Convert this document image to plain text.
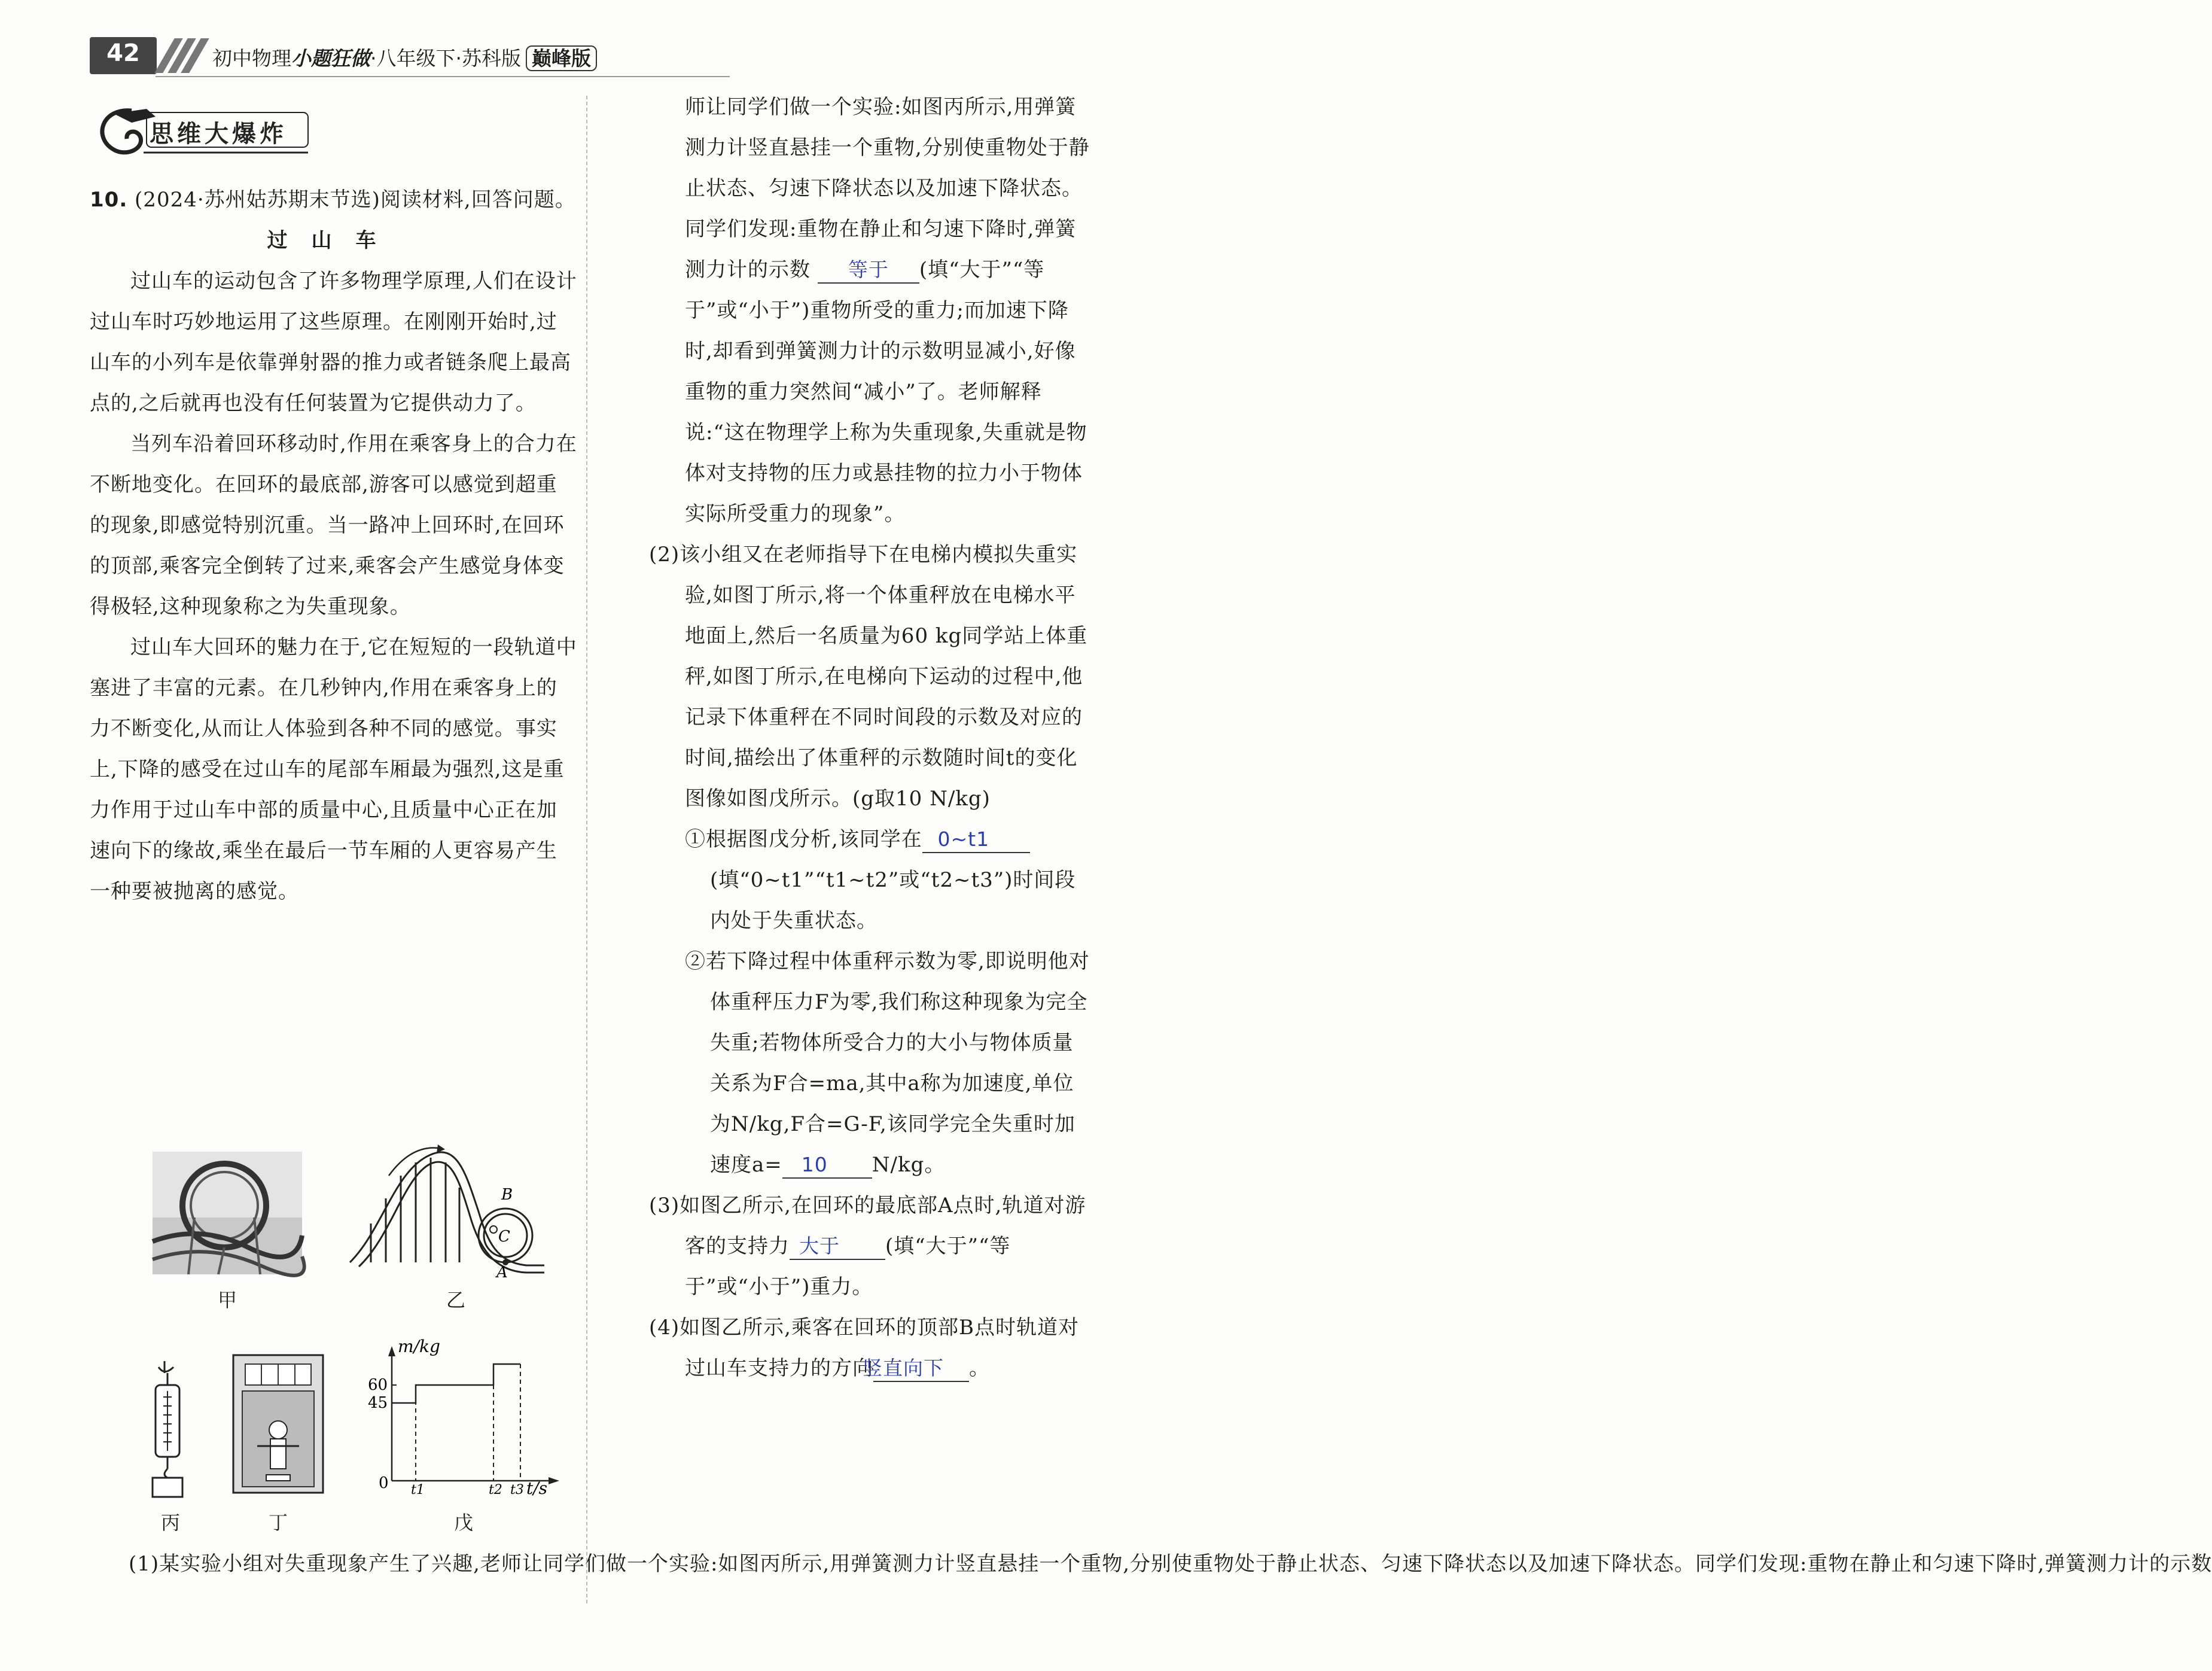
42	初中物理小题狂做·八年级下·苏科版 巅峰版
思维大爆炸
10. (2024·苏州姑苏期末节选)阅读材料,回答问题。
过山车
过山车的运动包含了许多物理学原理,人们在设计过山车时巧妙地运用了这些原理。在刚刚开始时,过山车的小列车是依靠弹射器的推力或者链条爬上最高点的,之后就再也没有任何装置为它提供动力了。
当列车沿着回环移动时,作用在乘客身上的合力在不断地变化。在回环的最底部,游客可以感觉到超重的现象,即感觉特别沉重。当一路冲上回环时,在回环的顶部,乘客完全倒转了过来,乘客会产生感觉身体变得极轻,这种现象称之为失重现象。
过山车大回环的魅力在于,它在短短的一段轨道中塞进了丰富的元素。在几秒钟内,作用在乘客身上的力不断变化,从而让人体验到各种不同的感觉。事实上,下降的感受在过山车的尾部车厢最为强烈,这是重力作用于过山车中部的质量中心,且质量中心正在加速向下的缘故,乘坐在最后一节车厢的人更容易产生一种要被抛离的感觉。
甲
B
C
A
乙
丙	丁
m/kg
t/s
0
60
45
t1	t2 t3
戊
(1)某实验小组对失重现象产生了兴趣,老师让同学们做一个实验:如图丙所示,用弹簧测力计竖直悬挂一个重物,分别使重物处于静止状态、匀速下降状态以及加速下降状态。同学们发现:重物在静止和匀速下降时,弹簧测力计的示数
师让同学们做一个实验:如图丙所示,用弹簧测力计竖直悬挂一个重物,分别使重物处于静止状态、匀速下降状态以及加速下降状态。同学们发现:重物在静止和匀速下降时,弹簧测力计的示数 等于 (填“大于”“等于”或“小于”)重物所受的重力;而加速下降时,却看到弹簧测力计的示数明显减小,好像重物的重力突然间“减小”了。老师解释说:“这在物理学上称为失重现象,失重就是物体对支持物的压力或悬挂物的拉力小于物体实际所受重力的现象”。
(2)该小组又在老师指导下在电梯内模拟失重实验,如图丁所示,将一个体重秤放在电梯水平地面上,然后一名质量为60 kg同学站上体重秤,如图丁所示,在电梯向下运动的过程中,他记录下体重秤在不同时间段的示数及对应的时间,描绘出了体重秤的示数随时间t的变化图像如图戊所示。(g取10 N/kg)
①根据图戊分析,该同学在 0~t1(填“0~t1”“t1~t2”或“t2~t3”)时间段内处于失重状态。
②若下降过程中体重秤示数为零,即说明他对体重秤压力F为零,我们称这种现象为完全失重;若物体所受合力的大小与物体质量关系为F合=ma,其中a称为加速度,单位为N/kg,F合=G-F,该同学完全失重时加速度a= 10 N/kg。
(3)如图乙所示,在回环的最底部A点时,轨道对游客的支持力 大于 (填“大于”“等于”或“小于”)重力。
(4)如图乙所示,乘客在回环的顶部B点时轨道对过山车支持力的方向竖直向下 。
